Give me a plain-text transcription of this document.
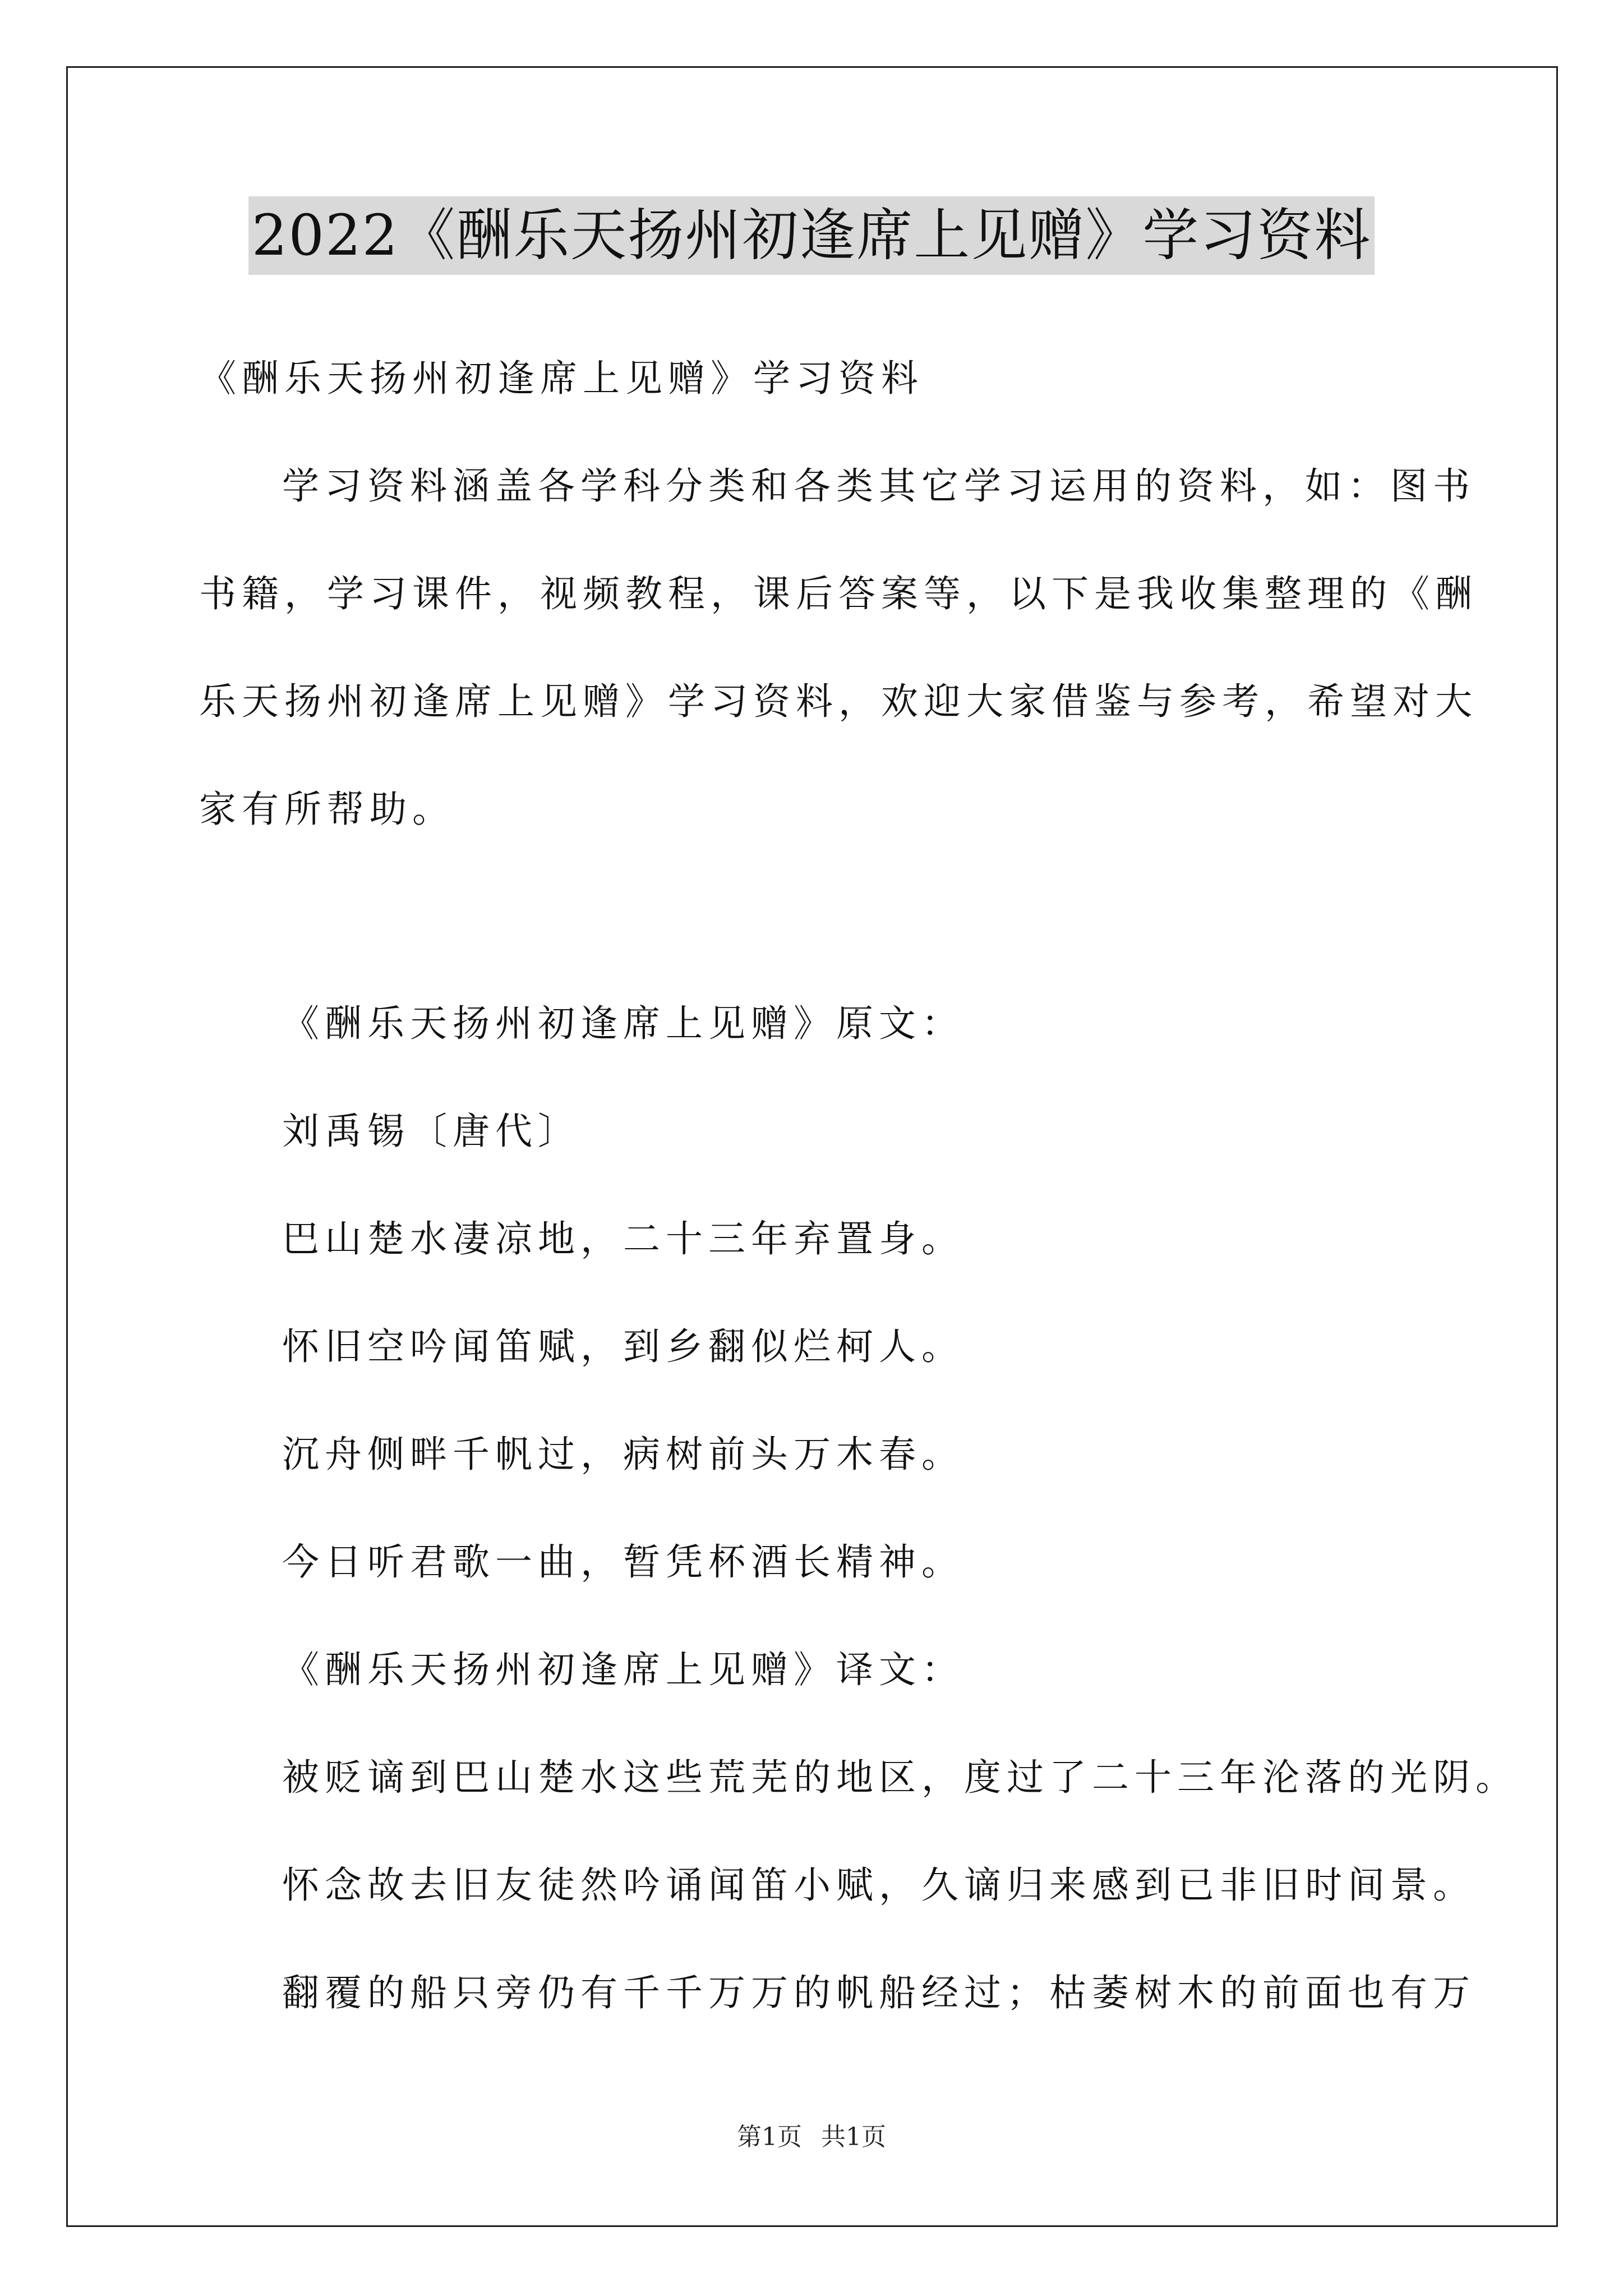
2022《酬乐天扬州初逢席上见赠》学习资料
《酬乐天扬州初逢席上见赠》学习资料
学习资料涵盖各学科分类和各类其它学习运用的资料，如：图书
书籍，学习课件，视频教程，课后答案等，以下是我收集整理的《酬
乐天扬州初逢席上见赠》学习资料，欢迎大家借鉴与参考，希望对大
家有所帮助。
《酬乐天扬州初逢席上见赠》原文：
刘禹锡〔唐代〕
巴山楚水凄凉地，二十三年弃置身。
怀旧空吟闻笛赋，到乡翻似烂柯人。
沉舟侧畔千帆过，病树前头万木春。
今日听君歌一曲，暂凭杯酒长精神。
《酬乐天扬州初逢席上见赠》译文：
被贬谪到巴山楚水这些荒芜的地区，度过了二十三年沦落的光阴。
怀念故去旧友徒然吟诵闻笛小赋，久谪归来感到已非旧时间景。
翻覆的船只旁仍有千千万万的帆船经过；枯萎树木的前面也有万
第1页 共1页
